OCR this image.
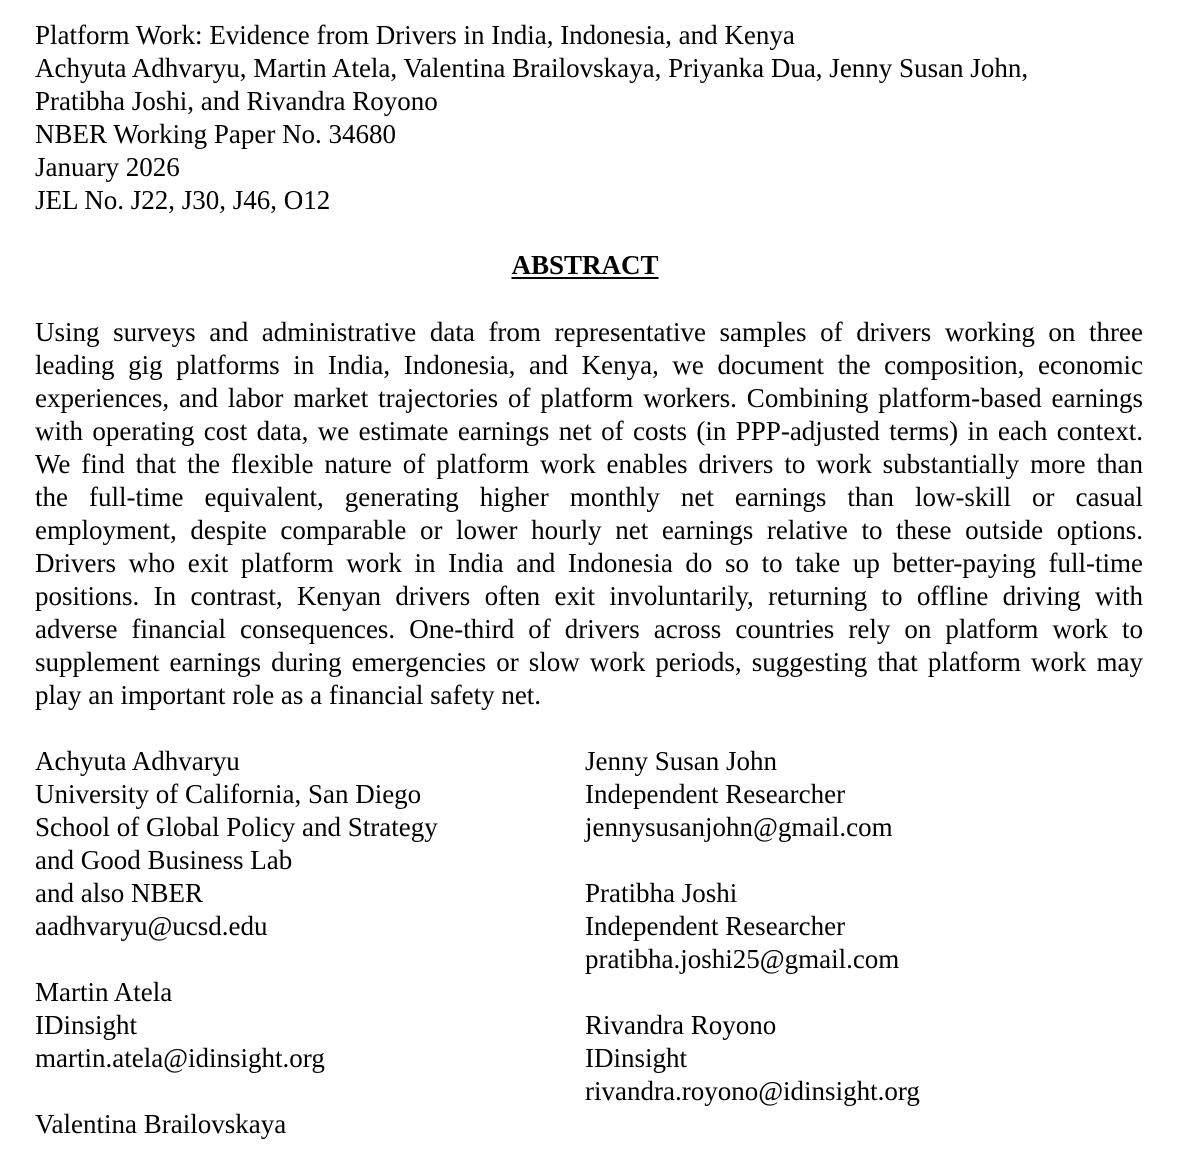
Platform Work: Evidence from Drivers in India, Indonesia, and Kenya
Achyuta Adhvaryu, Martin Atela, Valentina Brailovskaya, Priyanka Dua, Jenny Susan John,
Pratibha Joshi, and Rivandra Royono
NBER Working Paper No. 34680
January 2026
JEL No. J22, J30, J46, O12
ABSTRACT
Using surveys and administrative data from representative samples of drivers working on three
leading gig platforms in India, Indonesia, and Kenya, we document the composition, economic
experiences, and labor market trajectories of platform workers. Combining platform-based earnings
with operating cost data, we estimate earnings net of costs (in PPP-adjusted terms) in each context.
We find that the flexible nature of platform work enables drivers to work substantially more than
the full-time equivalent, generating higher monthly net earnings than low-skill or casual
employment, despite comparable or lower hourly net earnings relative to these outside options.
Drivers who exit platform work in India and Indonesia do so to take up better-paying full-time
positions. In contrast, Kenyan drivers often exit involuntarily, returning to offline driving with
adverse financial consequences. One-third of drivers across countries rely on platform work to
supplement earnings during emergencies or slow work periods, suggesting that platform work may
play an important role as a financial safety net.
Achyuta Adhvaryu
University of California, San Diego
School of Global Policy and Strategy
and Good Business Lab
and also NBER
aadhvaryu@ucsd.edu
Martin Atela
IDinsight
martin.atela@idinsight.org
Valentina Brailovskaya
Jenny Susan John
Independent Researcher
jennysusanjohn@gmail.com
Pratibha Joshi
Independent Researcher
pratibha.joshi25@gmail.com
Rivandra Royono
IDinsight
rivandra.royono@idinsight.org
